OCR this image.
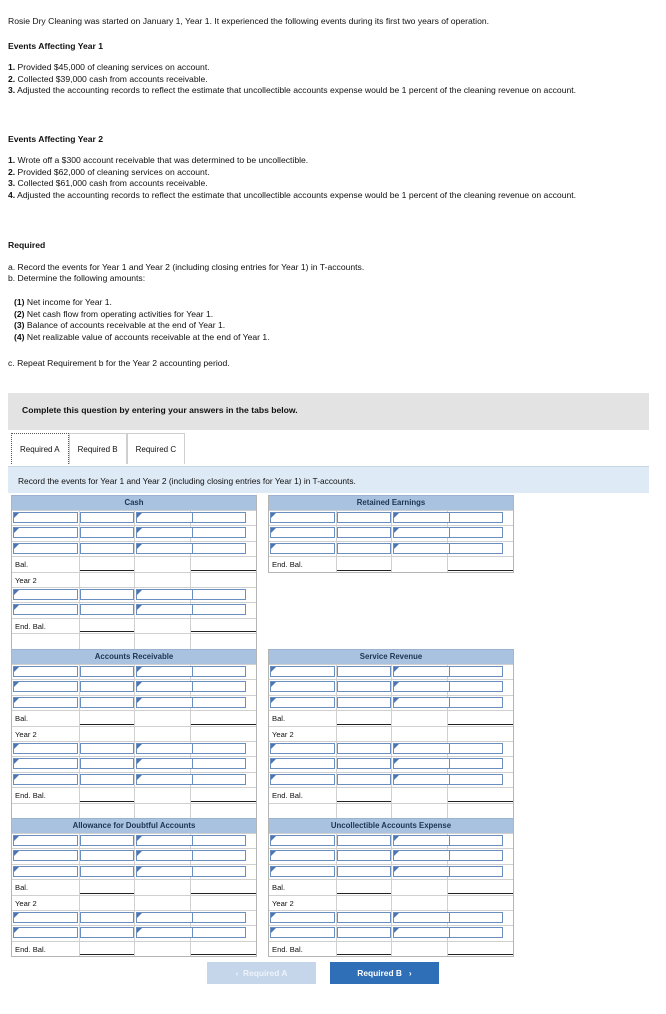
Rosie Dry Cleaning was started on January 1, Year 1. It experienced the following events during its first two years of operation.

Events Affecting Year 1

1. Provided $45,000 of cleaning services on account.
2. Collected $39,000 cash from accounts receivable.
3. Adjusted the accounting records to reflect the estimate that uncollectible accounts expense would be 1 percent of the cleaning revenue on account.

Events Affecting Year 2

1. Wrote off a $300 account receivable that was determined to be uncollectible.
2. Provided $62,000 of cleaning services on account.
3. Collected $61,000 cash from accounts receivable.
4. Adjusted the accounting records to reflect the estimate that uncollectible accounts expense would be 1 percent of the cleaning revenue on account.

Required

a. Record the events for Year 1 and Year 2 (including closing entries for Year 1) in T-accounts.

b. Determine the following amounts:

(1) Net income for Year 1.
(2) Net cash flow from operating activities for Year 1.
(3) Balance of accounts receivable at the end of Year 1.
(4) Net realizable value of accounts receivable at the end of Year 1.

c. Repeat Requirement b for the Year 2 accounting period.

Complete this question by entering your answers in the tabs below.
Required A	Required B	Required C
Record the events for Year 1 and Year 2 (including closing entries for Year 1) in T-accounts.
Cash
Bal.
Year 2
End. Bal.
Retained Earnings
End. Bal.
Accounts Receivable
Bal.
Year 2
End. Bal.
Service Revenue
Bal.
Year 2
End. Bal.
Allowance for Doubtful Accounts
Bal.
Year 2
End. Bal.
Uncollectible Accounts Expense
Bal.
Year 2
End. Bal.
‹  Required A	Required B   ›
